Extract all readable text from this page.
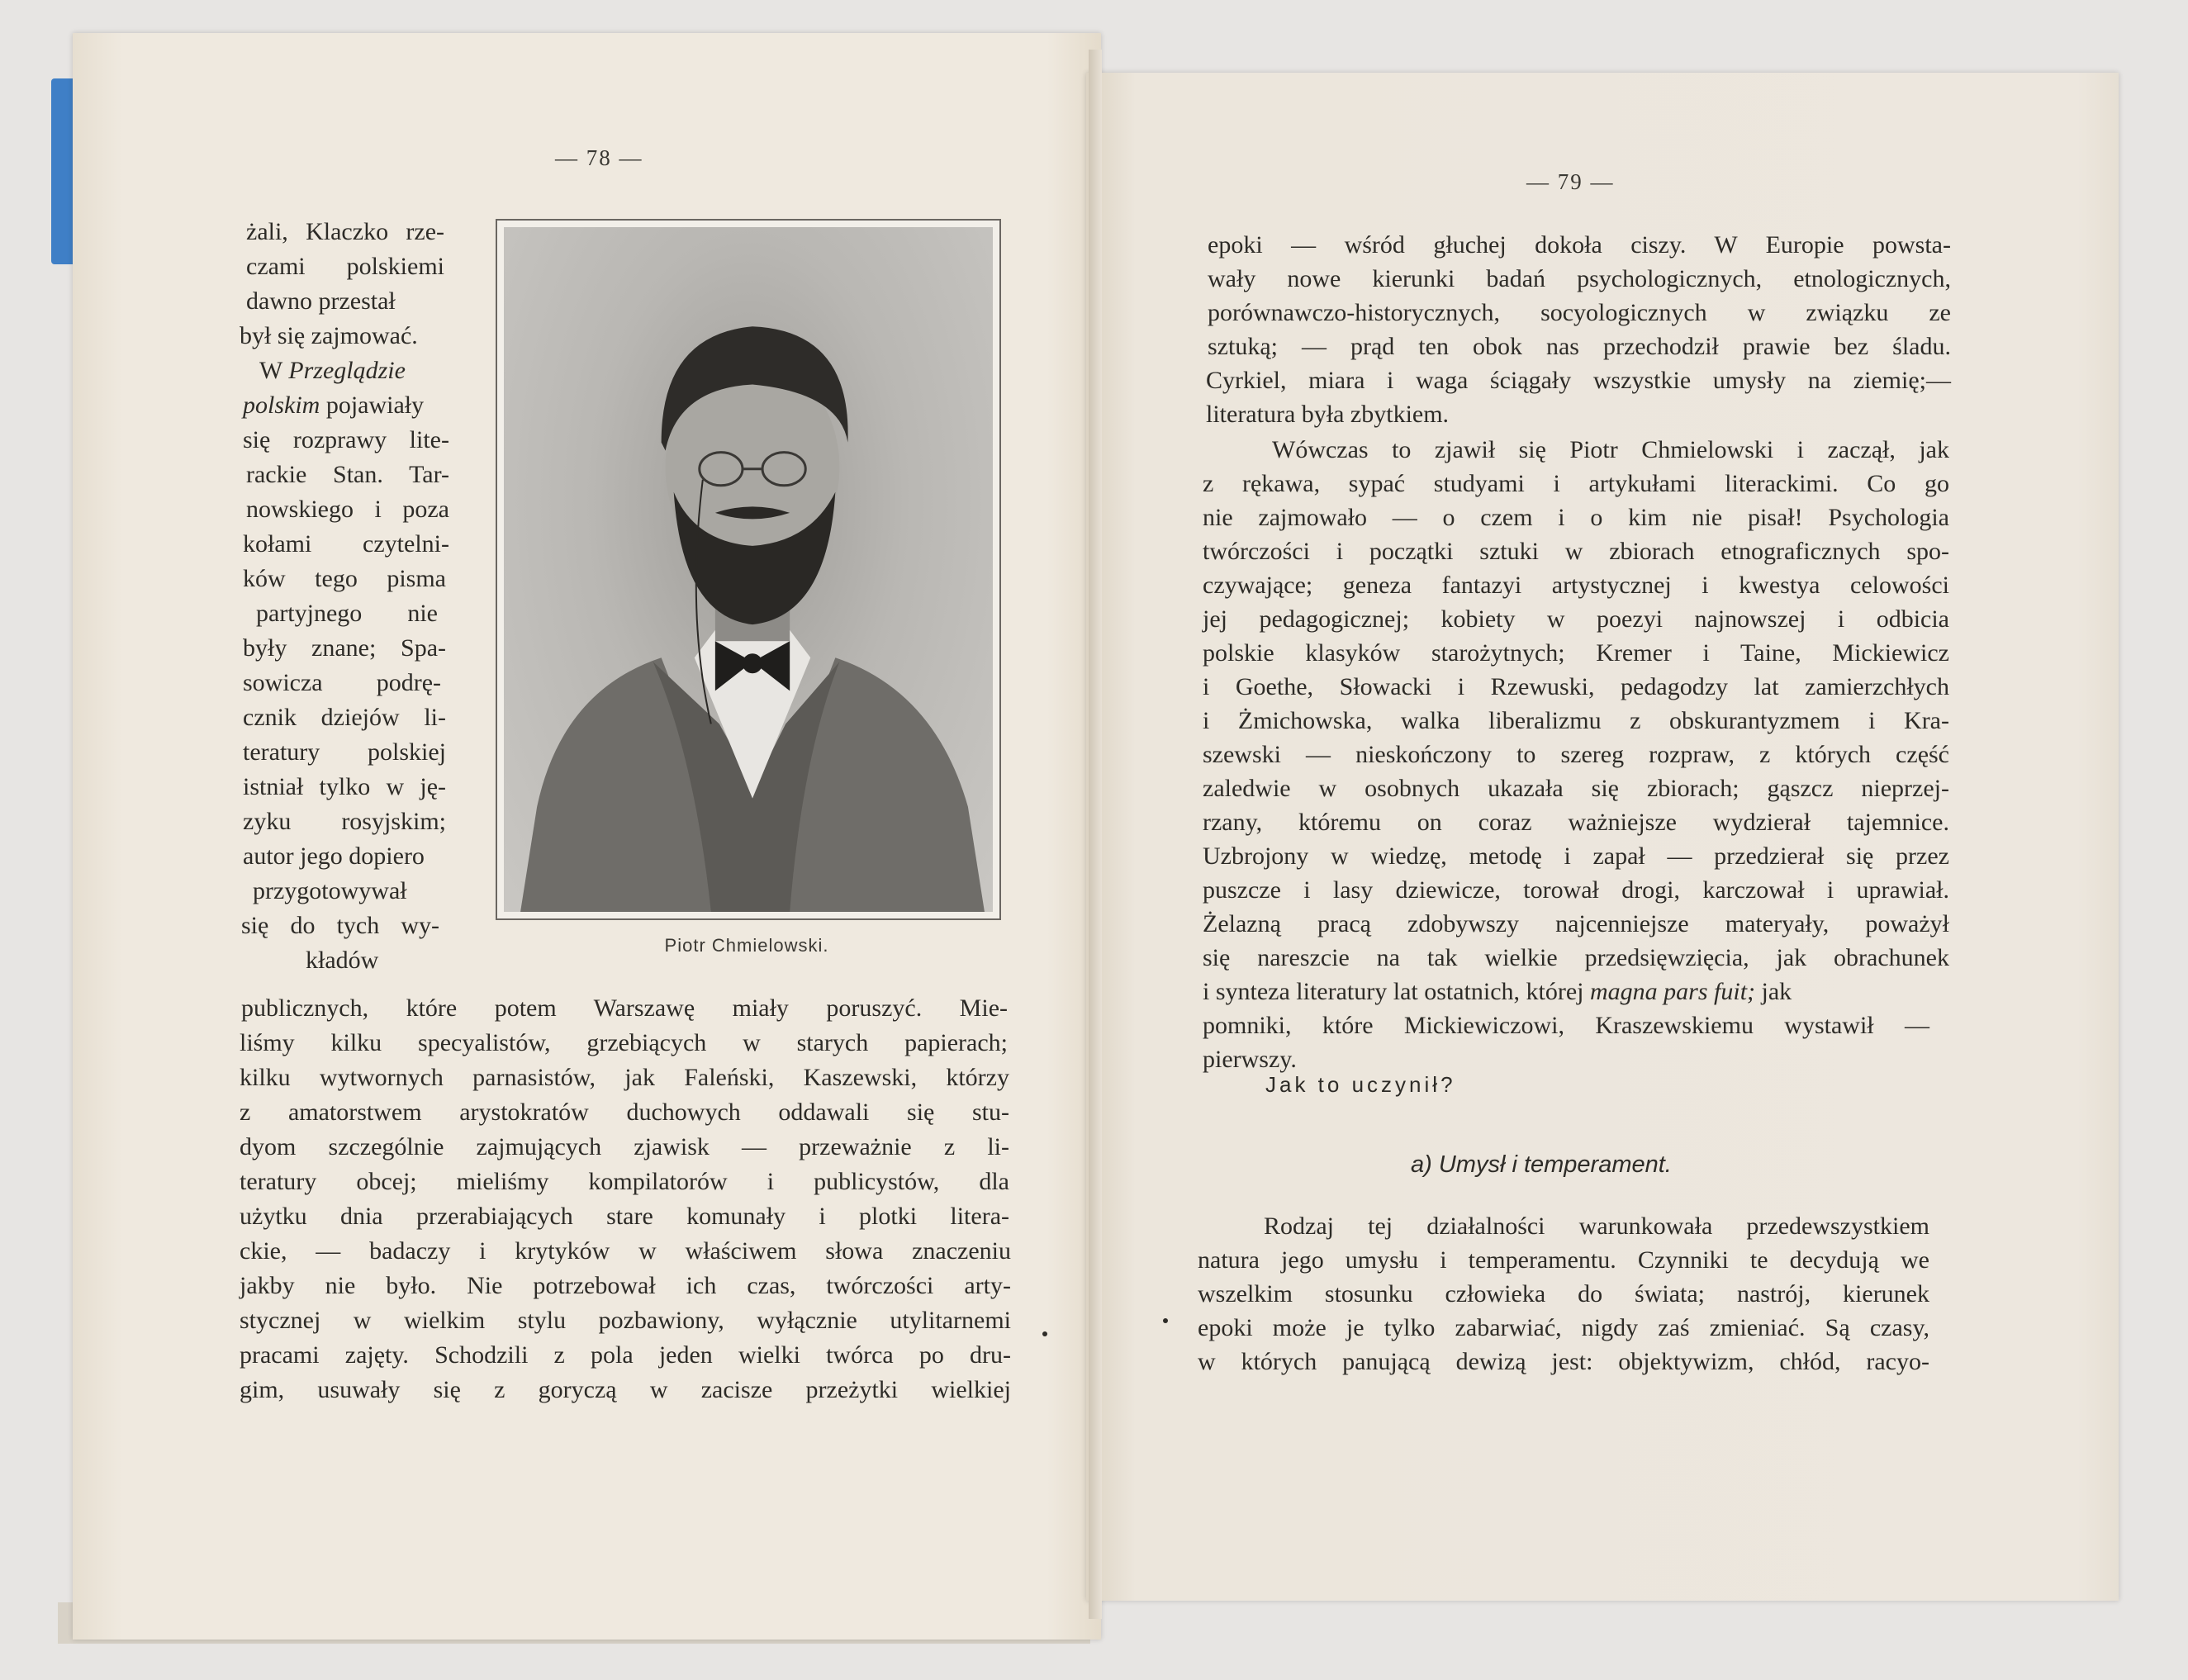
— 78 —
żali, Klaczko rze-
czami polskiemi
dawno przestał
był się zajmować.
W Przeglądzie
polskim pojawiały
się rozprawy lite-
rackie Stan. Tar-
nowskiego i poza
kołami czytelni-
ków tego pisma
partyjnego nie
były znane; Spa-
sowicza podrę-
cznik dziejów li-
teratury polskiej
istniał tylko w ję-
zyku rosyjskim;
autor jego dopiero
przygotowywał
się do tych wy-
kładów
Piotr Chmielowski.
publicznych, które potem Warszawę miały poruszyć. Mie-
liśmy kilku specyalistów, grzebiących w starych papierach;
kilku wytwornych parnasistów, jak Faleński, Kaszewski, którzy
z amatorstwem arystokratów duchowych oddawali się stu-
dyom szczególnie zajmujących zjawisk — przeważnie z li-
teratury obcej; mieliśmy kompilatorów i publicystów, dla
użytku dnia przerabiających stare komunały i plotki litera-
ckie, — badaczy i krytyków w właściwem słowa znaczeniu
jakby nie było. Nie potrzebował ich czas, twórczości arty-
stycznej w wielkim stylu pozbawiony, wyłącznie utylitarnemi
pracami zajęty. Schodzili z pola jeden wielki twórca po dru-
gim, usuwały się z goryczą w zacisze przeżytki wielkiej
— 79 —
epoki — wśród głuchej dokoła ciszy. W Europie powsta-
wały nowe kierunki badań psychologicznych, etnologicznych,
porównawczo-historycznych, socyologicznych w związku ze
sztuką; — prąd ten obok nas przechodził prawie bez śladu.
Cyrkiel, miara i waga ściągały wszystkie umysły na ziemię;—
literatura była zbytkiem.
Wówczas to zjawił się Piotr Chmielowski i zaczął, jak
z rękawa, sypać studyami i artykułami literackimi. Co go
nie zajmowało — o czem i o kim nie pisał! Psychologia
twórczości i początki sztuki w zbiorach etnograficznych spo-
czywające; geneza fantazyi artystycznej i kwestya celowości
jej pedagogicznej; kobiety w poezyi najnowszej i odbicia
polskie klasyków starożytnych; Kremer i Taine, Mickiewicz
i Goethe, Słowacki i Rzewuski, pedagodzy lat zamierzchłych
i Żmichowska, walka liberalizmu z obskurantyzmem i Kra-
szewski — nieskończony to szereg rozpraw, z których część
zaledwie w osobnych ukazała się zbiorach; gąszcz nieprzej-
rzany, któremu on coraz ważniejsze wydzierał tajemnice.
Uzbrojony w wiedzę, metodę i zapał — przedzierał się przez
puszcze i lasy dziewicze, torował drogi, karczował i uprawiał.
Żelazną pracą zdobywszy najcenniejsze materyały, poważył
się nareszcie na tak wielkie przedsięwzięcia, jak obrachunek
i synteza literatury lat ostatnich, której magna pars fuit; jak
pomniki, które Mickiewiczowi, Kraszewskiemu wystawił —
pierwszy.
Jak to uczynił?
a) Umysł i temperament.
Rodzaj tej działalności warunkowała przedewszystkiem
natura jego umysłu i temperamentu. Czynniki te decydują we
wszelkim stosunku człowieka do świata; nastrój, kierunek
epoki może je tylko zabarwiać, nigdy zaś zmieniać. Są czasy,
w których panującą dewizą jest: objektywizm, chłód, racyo-
